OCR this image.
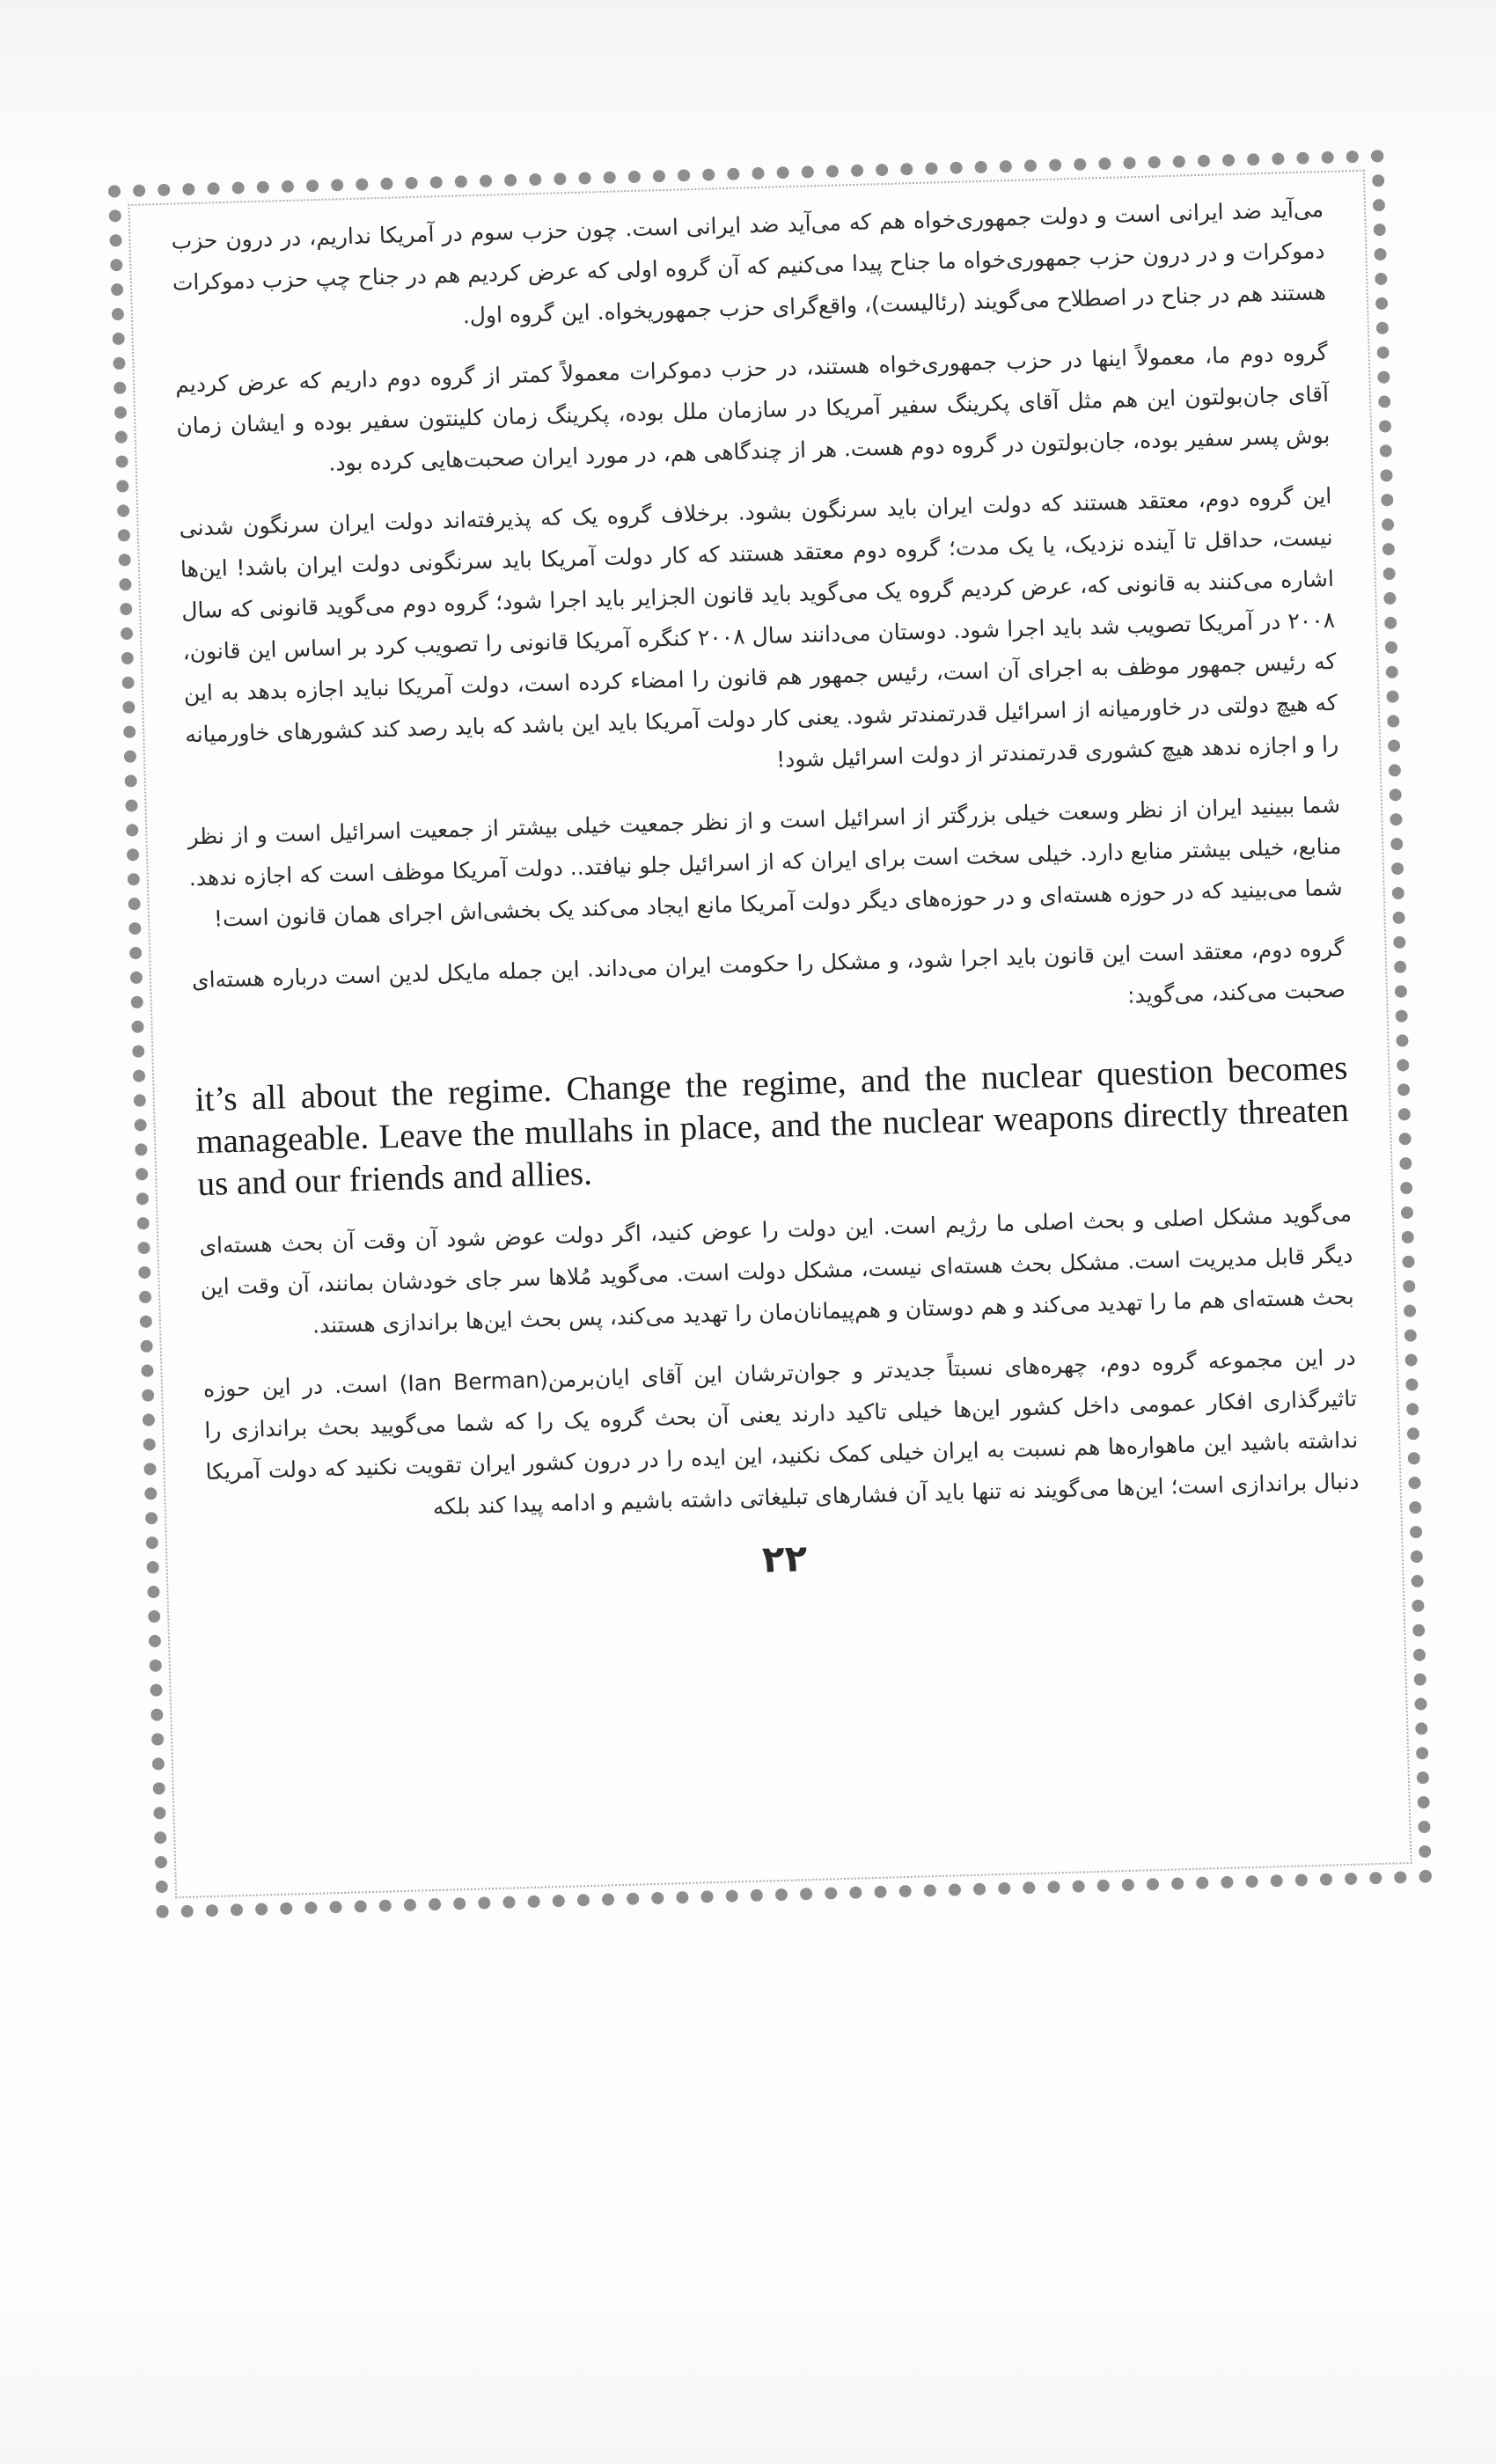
می‌آید ضد ایرانی است و دولت جمهوری‌خواه هم که می‌آید ضد ایرانی است. چون حزب سوم در آمریکا نداریم، در درون حزب دموکرات و در درون حزب جمهوری‌خواه ما جناح پیدا می‌کنیم که آن گروه اولی که عرض کردیم هم در جناح چپ حزب دموکرات هستند هم در جناح در اصطلاح می‌گویند (رئالیست)، واقع‌گرای حزب جمهوریخواه. این گروه اول.

گروه دوم ما، معمولاً اینها در حزب جمهوری‌خواه هستند، در حزب دموکرات معمولاً کمتر از گروه دوم داریم که عرض کردیم آقای جان‌بولتون این هم مثل آقای پکرینگ سفیر آمریکا در سازمان ملل بوده، پکرینگ زمان کلینتون سفیر بوده و ایشان زمان بوش پسر سفیر بوده، جان‌بولتون در گروه دوم هست. هر از چندگاهی هم، در مورد ایران صحبت‌هایی کرده بود.

این گروه دوم، معتقد هستند که دولت ایران باید سرنگون بشود. برخلاف گروه یک که پذیرفته‌اند دولت ایران سرنگون شدنی نیست، حداقل تا آینده نزدیک، یا یک مدت؛ گروه دوم معتقد هستند که کار دولت آمریکا باید سرنگونی دولت ایران باشد! این‌ها اشاره می‌کنند به قانونی که، عرض کردیم گروه یک می‌گوید باید قانون الجزایر باید اجرا شود؛ گروه دوم می‌گوید قانونی که سال ۲۰۰۸ در آمریکا تصویب شد باید اجرا شود. دوستان می‌دانند سال ۲۰۰۸ کنگره آمریکا قانونی را تصویب کرد بر اساس این قانون، که رئیس جمهور موظف به اجرای آن است، رئیس جمهور هم قانون را امضاء کرده است، دولت آمریکا نباید اجازه بدهد به این که هیچ دولتی در خاورمیانه از اسرائیل قدرتمندتر شود. یعنی کار دولت آمریکا باید این باشد که باید رصد کند کشورهای خاورمیانه را و اجازه ندهد هیچ کشوری قدرتمندتر از دولت اسرائیل شود!

شما ببینید ایران از نظر وسعت خیلی بزرگتر از اسرائیل است و از نظر جمعیت خیلی بیشتر از جمعیت اسرائیل است و از نظر منابع، خیلی بیشتر منابع دارد. خیلی سخت است برای ایران که از اسرائیل جلو نیافتد.. دولت آمریکا موظف است که اجازه ندهد. شما می‌بینید که در حوزه هسته‌ای و در حوزه‌های دیگر دولت آمریکا مانع ایجاد می‌کند یک بخشی‌اش اجرای همان قانون است!

گروه دوم، معتقد است این قانون باید اجرا شود، و مشکل را حکومت ایران می‌داند. این جمله مایکل لدین است درباره هسته‌ای صحبت می‌کند، می‌گوید:

it’s all about the regime. Change the regime, and the nuclear question becomes manageable. Leave the mullahs in place, and the nuclear weapons directly threaten us and our friends and allies.

می‌گوید مشکل اصلی و بحث اصلی ما رژیم است. این دولت را عوض کنید، اگر دولت عوض شود آن وقت آن بحث هسته‌ای دیگر قابل مدیریت است. مشکل بحث هسته‌ای نیست، مشکل دولت است. می‌گوید مُلاها سر جای خودشان بمانند، آن وقت این بحث هسته‌ای هم ما را تهدید می‌کند و هم دوستان و هم‌پیمانان‌مان را تهدید می‌کند، پس بحث این‌ها براندازی هستند.

در این مجموعه گروه دوم، چهره‌های نسبتاً جدیدتر و جوان‌ترشان این آقای ایان‌برمن(Ian Berman) است. در این حوزه تاثیرگذاری افکار عمومی داخل کشور این‌ها خیلی تاکید دارند یعنی آن بحث گروه یک را که شما می‌گویید بحث براندازی را نداشته باشید این ماهواره‌ها هم نسبت به ایران خیلی کمک نکنید، این ایده را در درون کشور ایران تقویت نکنید که دولت آمریکا دنبال براندازی است؛ این‌ها می‌گویند نه تنها باید آن فشارهای تبلیغاتی داشته باشیم و ادامه پیدا کند بلکه

۲۲
